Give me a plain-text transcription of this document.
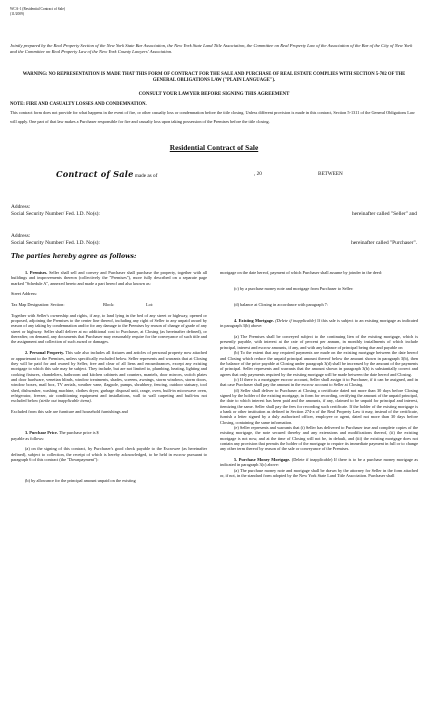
WCA-1 (Residential Contract of Sale)
(11/2009)
Jointly prepared by the Real Property Section of the New York State Bar Association, the New York State Land Title Association, the Committee on Real Property Law of the Association of the Bar of the City of New York and the Committee on Real Property Law of the New York County Lawyers' Association.
WARNING: NO REPRESENTATION IS MADE THAT THIS FORM OF CONTRACT FOR THE SALE AND PURCHASE OF REAL ESTATE COMPLIES WITH SECTION 5-702 OF THE GENERAL OBLIGATIONS LAW ("PLAIN LANGUAGE").
CONSULT YOUR LAWYER BEFORE SIGNING THIS AGREEMENT
NOTE: FIRE AND CASUALTY LOSSES AND CONDEMNATION.
This contract form does not provide for what happens in the event of fire, or other casualty loss or condemnation before the title closing. Unless different provision is made in this contract, Section 5-1311 of the General Obligations Law will apply. One part of that law makes a Purchaser responsible for fire and casualty loss upon taking possession of the Premises before the title closing.
Residential Contract of Sale
Contract of Sale made as of	, 20	BETWEEN
Address:
Social Security Number/ Fed. I.D. No(s):	hereinafter called "Seller" and
Address:
Social Security Number/ Fed. I.D. No(s):	hereinafter called "Purchaser".
The parties hereby agree as follows:

1. Premises. Seller shall sell and convey and Purchaser shall purchase the property, together with all buildings and improvements thereon (collectively the "Premises"), more fully described on a separate page marked "Schedule A", annexed hereto and made a part hereof and also known as:

Street Address:

Tax Map Designation: Section:	Block:	Lot:

Together with Seller's ownership and rights, if any, to land lying in the bed of any street or highway, opened or proposed, adjoining the Premises to the center line thereof, including any right of Seller to any unpaid award by reason of any taking by condemnation and/or for any damage to the Premises by reason of change of grade of any street or highway. Seller shall deliver at no additional cost to Purchaser, at Closing (as hereinafter defined), or thereafter, on demand, any documents that Purchaser may reasonably require for the conveyance of such title and the assignment and collection of such award or damages.

2. Personal Property. This sale also includes all fixtures and articles of personal property now attached or appurtenant to the Premises, unless specifically excluded below. Seller represents and warrants that at Closing they will be paid for and owned by Seller, free and clear of all liens and encumbrances, except any existing mortgage to which this sale may be subject. They include, but are not limited to, plumbing, heating, lighting and cooking fixtures, chandeliers, bathroom and kitchen cabinets and counters, mantels, door mirrors, switch plates and door hardware, venetian blinds, window treatments, shades, screens, awnings, storm windows, storm doors, window boxes, mail box, TV aerials, weather vane, flagpole, pumps, shrubbery, fencing, outdoor statuary, tool shed, dishwasher, washing machine, clothes dryer, garbage disposal unit, range, oven, built-in microwave oven, refrigerator, freezer, air conditioning equipment and installations, wall to wall carpeting and built-ins not excluded below (strike out inapplicable items).

Excluded from this sale are furniture and household furnishings and

3. Purchase Price. The purchase price is $

payable as follows:

(a) on the signing of this contract, by Purchaser's good check payable to the Escrowee (as hereinafter defined), subject to collection, the receipt of which is hereby acknowledged, to be held in escrow pursuant to paragraph 6 of this contract (the "Downpayment"):

(b) by allowance for the principal amount unpaid on the existing

mortgage on the date hereof, payment of which Purchaser shall assume by joinder in the deed:

(c) by a purchase money note and mortgage from Purchaser to Seller:

(d) balance at Closing in accordance with paragraph 7:

4. Existing Mortgage. (Delete if inapplicable) If this sale is subject to an existing mortgage as indicated in paragraph 3(b) above:

(a) The Premises shall be conveyed subject to the continuing lien of the existing mortgage, which is presently payable, with interest at the rate of percent per annum, in monthly installments of which include principal, interest and escrow amounts, if any, and with any balance of principal being due and payable on

(b) To the extent that any required payments are made on the existing mortgage between the date hereof and Closing which reduce the unpaid principal amount thereof below the amount shown in paragraph 3(b), then the balance of the price payable at Closing under paragraph 3(d) shall be increased by the amount of the payments of principal. Seller represents and warrants that the amount shown in paragraph 3(b) is substantially correct and agrees that only payments required by the existing mortgage will be made between the date hereof and Closing.

(c) If there is a mortgagee escrow account, Seller shall assign it to Purchaser, if it can be assigned, and in that case Purchaser shall pay the amount in the escrow account to Seller at Closing.

(d) Seller shall deliver to Purchaser at Closing a certificate dated not more than 30 days before Closing signed by the holder of the existing mortgage, in form for recording, certifying the amount of the unpaid principal, the date to which interest has been paid and the amounts, if any, claimed to be unpaid for principal and interest, itemizing the same. Seller shall pay the fees for recording such certificate. If the holder of the existing mortgage is a bank or other institution as defined in Section 274-a of the Real Property Law it may, instead of the certificate, furnish a letter signed by a duly authorized officer, employee or agent, dated not more than 30 days before Closing, containing the same information.

(e) Seller represents and warrants that (i) Seller has delivered to Purchaser true and complete copies of the existing mortgage, the note secured thereby and any extensions and modifications thereof, (ii) the existing mortgage is not now, and at the time of Closing will not be, in default, and (iii) the existing mortgage does not contain any provision that permits the holder of the mortgage to require its immediate payment in full or to change any other term thereof by reason of the sale or conveyance of the Premises.

5. Purchase Money Mortgage. (Delete if inapplicable) If there is to be a purchase money mortgage as indicated in paragraph 3(c) above:

(a) The purchase money note and mortgage shall be drawn by the attorney for Seller in the form attached or, if not, in the standard form adopted by the New York State Land Title Association. Purchaser shall
